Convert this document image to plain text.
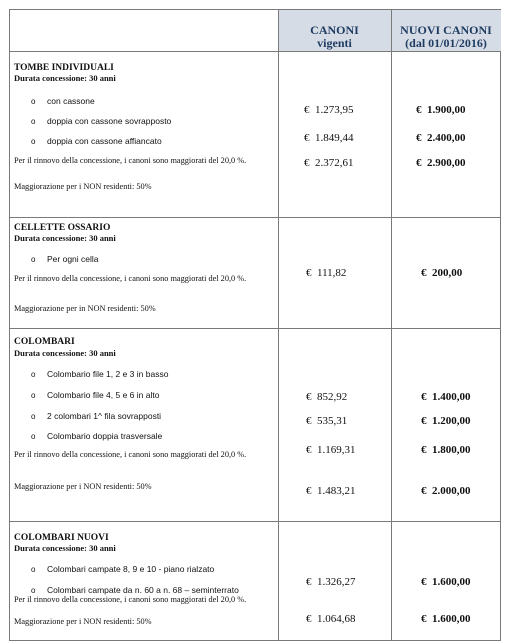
CANONI
vigenti
NUOVI CANONI
(dal 01/01/2016)
TOMBE INDIVIDUALI
Durata concessione: 30 anni
o con cassone
o doppia con cassone sovrapposto
o doppia con cassone affiancato
Per il rinnovo della concessione, i canoni sono maggiorati del 20,0 %.
Maggiorazione per i NON residenti: 50%
€  1.273,95
€  1.849,44
€  2.372,61
€  1.900,00
€  2.400,00
€  2.900,00
CELLETTE OSSARIO
Durata concessione: 30 anni
o Per ogni cella
Per il rinnovo della concessione, i canoni sono maggiorati del 20,0 %.
Maggiorazione per in NON residenti: 50%
€  111,82	€  200,00
COLOMBARI
Durata concessione: 30 anni
o Colombario file 1, 2 e 3 in basso
o Colombario file 4, 5 e 6 in alto
o 2 colombari 1^ fila sovrapposti
o Colombario doppia trasversale
Per il rinnovo della concessione, i canoni sono maggiorati del 20,0 %.
Maggiorazione per i NON residenti: 50%
€  852,92
€  535,31
€  1.169,31
€  1.483,21
€  1.400,00
€  1.200,00
€  1.800,00
€  2.000,00
COLOMBARI NUOVI
Durata concessione: 30 anni
o Colombari campate 8, 9 e 10 - piano rialzato
o Colombari campate da n. 60 a n. 68 – seminterrato
Per il rinnovo della concessione, i canoni sono maggiorati del 20,0 %.
Maggiorazione per i NON residenti: 50%
€  1.326,27
€  1.064,68
€  1.600,00
€  1.600,00
